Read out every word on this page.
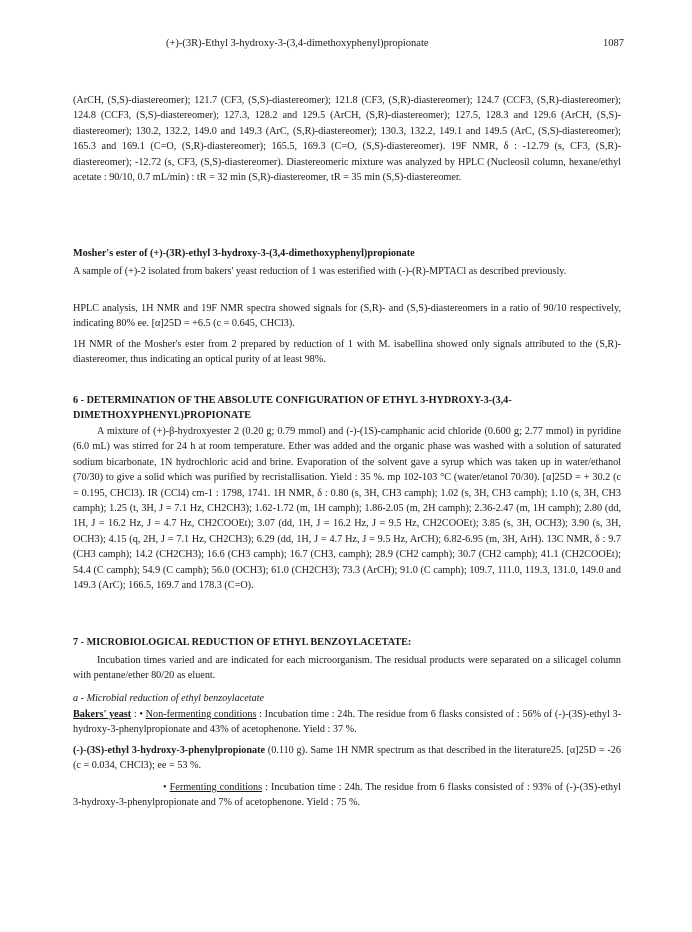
(+)-(3R)-Ethyl 3-hydroxy-3-(3,4-dimethoxyphenyl)propionate	1087

(ArCH, (S,S)-diastereomer); 121.7 (CF3, (S,S)-diastereomer); 121.8 (CF3, (S,R)-diastereomer); 124.7 (CCF3, (S,R)-diastereomer); 124.8 (CCF3, (S,S)-diastereomer); 127.3, 128.2 and 129.5 (ArCH, (S,R)-diastereomer); 127.5, 128.3 and 129.6 (ArCH, (S,S)-diastereomer); 130.2, 132.2, 149.0 and 149.3 (ArC, (S,R)-diastereomer); 130.3, 132.2, 149.1 and 149.5 (ArC, (S,S)-diastereomer); 165.3 and 169.1 (C=O, (S,R)-diastereomer); 165.5, 169.3 (C=O, (S,S)-diastereomer). 19F NMR, δ : -12.79 (s, CF3, (S,R)-diastereomer); -12.72 (s, CF3, (S,S)-diastereomer). Diastereomeric mixture was analyzed by HPLC (Nucleosil column, hexane/ethyl acetate : 90/10, 0.7 mL/min) : tR = 32 min (S,R)-diastereomer, tR = 35 min (S,S)-diastereomer.

Mosher's ester of (+)-(3R)-ethyl 3-hydroxy-3-(3,4-dimethoxyphenyl)propionate

A sample of (+)-2 isolated from bakers' yeast reduction of 1 was esterified with (-)-(R)-MPTACl as described previously.

HPLC analysis, 1H NMR and 19F NMR spectra showed signals for (S,R)- and (S,S)-diastereomers in a ratio of 90/10 respectively, indicating 80% ee. [α]25D = +6.5 (c = 0.645, CHCl3).

1H NMR of the Mosher's ester from 2 prepared by reduction of 1 with M. isabellina showed only signals attributed to the (S,R)-diastereomer, thus indicating an optical purity of at least 98%.

6 - DETERMINATION OF THE ABSOLUTE CONFIGURATION OF ETHYL 3-HYDROXY-3-(3,4-
DIMETHOXYPHENYL)PROPIONATE

A mixture of (+)-β-hydroxyester 2 (0.20 g; 0.79 mmol) and (-)-(1S)-camphanic acid chloride (0.600 g; 2.77 mmol) in pyridine (6.0 mL) was stirred for 24 h at room temperature. Ether was added and the organic phase was washed with a solution of saturated sodium bicarbonate, 1N hydrochloric acid and brine. Evaporation of the solvent gave a syrup which was taken up in water/ethanol (70/30) to give a solid which was purified by recristallisation. Yield : 35 %. mp 102-103 °C (water/etanol 70/30). [α]25D = + 30.2 (c = 0.195, CHCl3). IR (CCl4) cm-1 : 1798, 1741. 1H NMR, δ : 0.80 (s, 3H, CH3 camph); 1.02 (s, 3H, CH3 camph); 1.10 (s, 3H, CH3 camph); 1.25 (t, 3H, J = 7.1 Hz, CH2CH3); 1.62-1.72 (m, 1H camph); 1.86-2.05 (m, 2H camph); 2.36-2.47 (m, 1H camph); 2.80 (dd, 1H, J = 16.2 Hz, J = 4.7 Hz, CH2COOEt); 3.07 (dd, 1H, J = 16.2 Hz, J = 9.5 Hz, CH2COOEt); 3.85 (s, 3H, OCH3); 3.90 (s, 3H, OCH3); 4.15 (q, 2H, J = 7.1 Hz, CH2CH3); 6.29 (dd, 1H, J = 4.7 Hz, J = 9.5 Hz, ArCH); 6.82-6.95 (m, 3H, ArH). 13C NMR, δ : 9.7 (CH3 camph); 14.2 (CH2CH3); 16.6 (CH3 camph); 16.7 (CH3, camph); 28.9 (CH2 camph); 30.7 (CH2 camph); 41.1 (CH2COOEt); 54.4 (C camph); 54.9 (C camph); 56.0 (OCH3); 61.0 (CH2CH3); 73.3 (ArCH); 91.0 (C camph); 109.7, 111.0, 119.3, 131.0, 149.0 and 149.3 (ArC); 166.5, 169.7 and 178.3 (C=O).

7 - MICROBIOLOGICAL REDUCTION OF ETHYL BENZOYLACETATE:

Incubation times varied and are indicated for each microorganism. The residual products were separated on a silicagel column with pentane/ether 80/20 as eluent.

a - Microbial reduction of ethyl benzoylacetate

Bakers' yeast : • Non-fermenting conditions : Incubation time : 24h. The residue from 6 flasks consisted of : 56% of (-)-(3S)-ethyl 3-hydroxy-3-phenylpropionate and 43% of acetophenone. Yield : 37 %.

(-)-(3S)-ethyl 3-hydroxy-3-phenylpropionate (0.110 g). Same 1H NMR spectrum as that described in the literature25. [α]25D = -26 (c = 0.034, CHCl3); ee = 53 %.

• Fermenting conditions : Incubation time : 24h. The residue from 6 flasks consisted of : 93% of (-)-(3S)-ethyl 3-hydroxy-3-phenylpropionate and 7% of acetophenone. Yield : 75 %.
